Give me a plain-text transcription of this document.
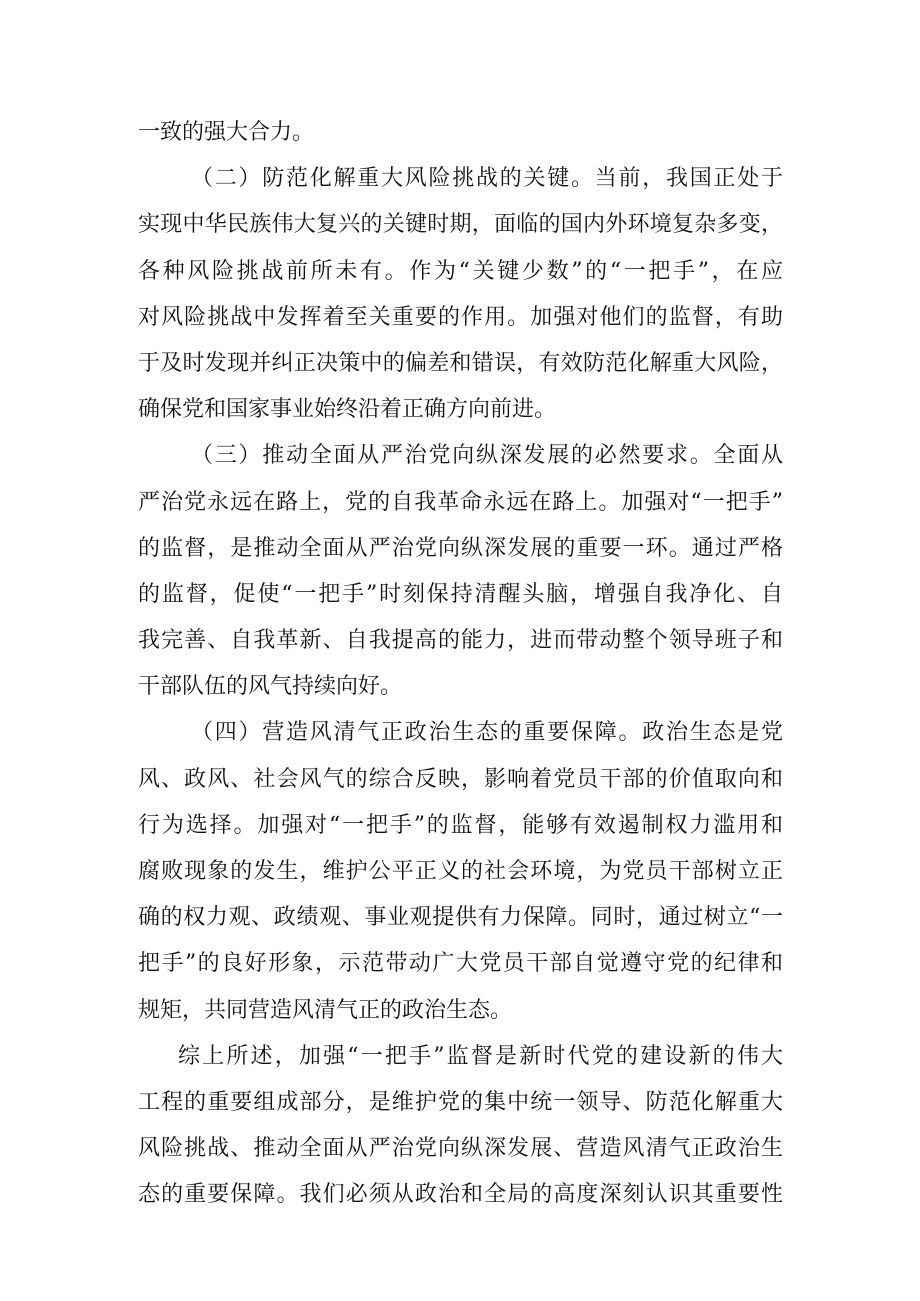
一致的强大合力。
（二）防范化解重大风险挑战的关键。当前，我国正处于
实现中华民族伟大复兴的关键时期，面临的国内外环境复杂多变，
各种风险挑战前所未有。作为“关键少数”的“一把手”，在应
对风险挑战中发挥着至关重要的作用。加强对他们的监督，有助
于及时发现并纠正决策中的偏差和错误，有效防范化解重大风险，
确保党和国家事业始终沿着正确方向前进。
（三）推动全面从严治党向纵深发展的必然要求。全面从
严治党永远在路上，党的自我革命永远在路上。加强对“一把手”
的监督，是推动全面从严治党向纵深发展的重要一环。通过严格
的监督，促使“一把手”时刻保持清醒头脑，增强自我净化、自
我完善、自我革新、自我提高的能力，进而带动整个领导班子和
干部队伍的风气持续向好。
（四）营造风清气正政治生态的重要保障。政治生态是党
风、政风、社会风气的综合反映，影响着党员干部的价值取向和
行为选择。加强对“一把手”的监督，能够有效遏制权力滥用和
腐败现象的发生，维护公平正义的社会环境，为党员干部树立正
确的权力观、政绩观、事业观提供有力保障。同时，通过树立“一
把手”的良好形象，示范带动广大党员干部自觉遵守党的纪律和
规矩，共同营造风清气正的政治生态。
综上所述，加强“一把手”监督是新时代党的建设新的伟大
工程的重要组成部分，是维护党的集中统一领导、防范化解重大
风险挑战、推动全面从严治党向纵深发展、营造风清气正政治生
态的重要保障。我们必须从政治和全局的高度深刻认识其重要性
